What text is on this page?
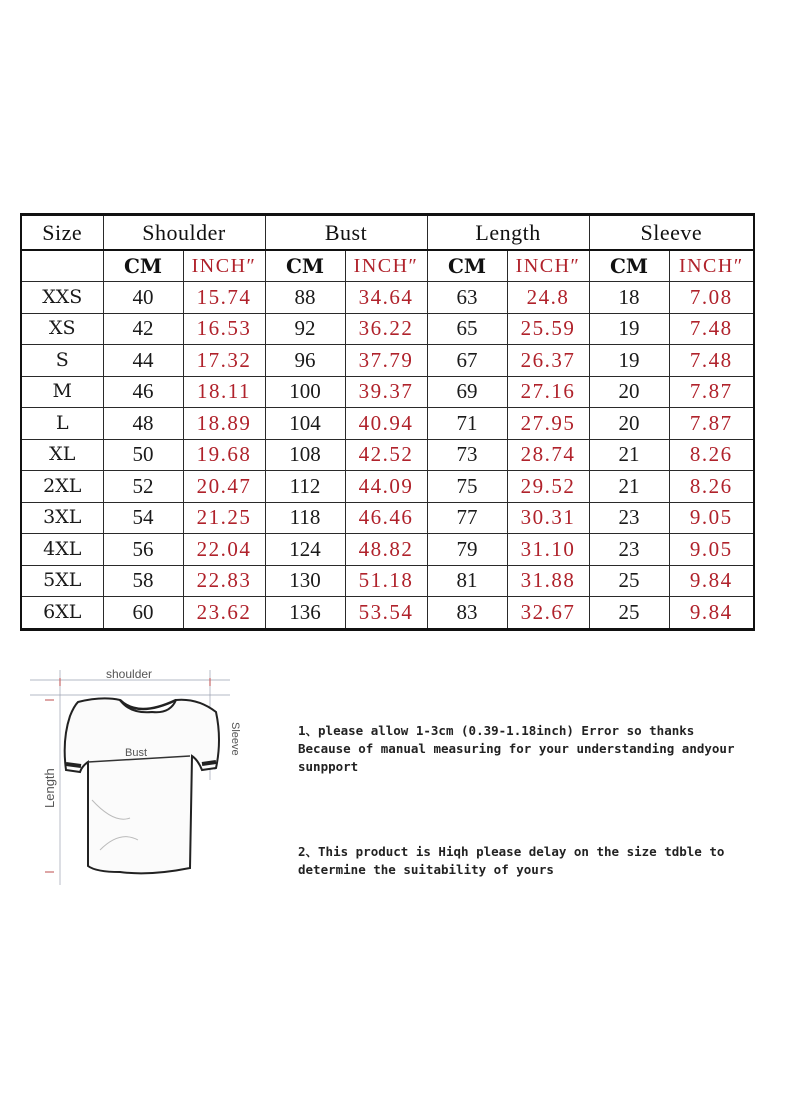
Size	Shoulder		Bust		Length		Sleeve	
	CM	INCH″	CM	INCH″	CM	INCH″	CM	INCH″
XXS	40	15.74	88	34.64	63	24.8	18	7.08
XS	42	16.53	92	36.22	65	25.59	19	7.48
S	44	17.32	96	37.79	67	26.37	19	7.48
M	46	18.11	100	39.37	69	27.16	20	7.87
L	48	18.89	104	40.94	71	27.95	20	7.87
XL	50	19.68	108	42.52	73	28.74	21	8.26
2XL	52	20.47	112	44.09	75	29.52	21	8.26
3XL	54	21.25	118	46.46	77	30.31	23	9.05
4XL	56	22.04	124	48.82	79	31.10	23	9.05
5XL	58	22.83	130	51.18	81	31.88	25	9.84
6XL	60	23.62	136	53.54	83	32.67	25	9.84
shoulder
Bust	Sleeve
Length

1、please allow 1-3cm (0.39-1.18inch) Error so thanks
Because of manual measuring for your understanding andyour
sunpport

2、This product is Hiqh please delay on the size tdble to
determine the suitability of yours
